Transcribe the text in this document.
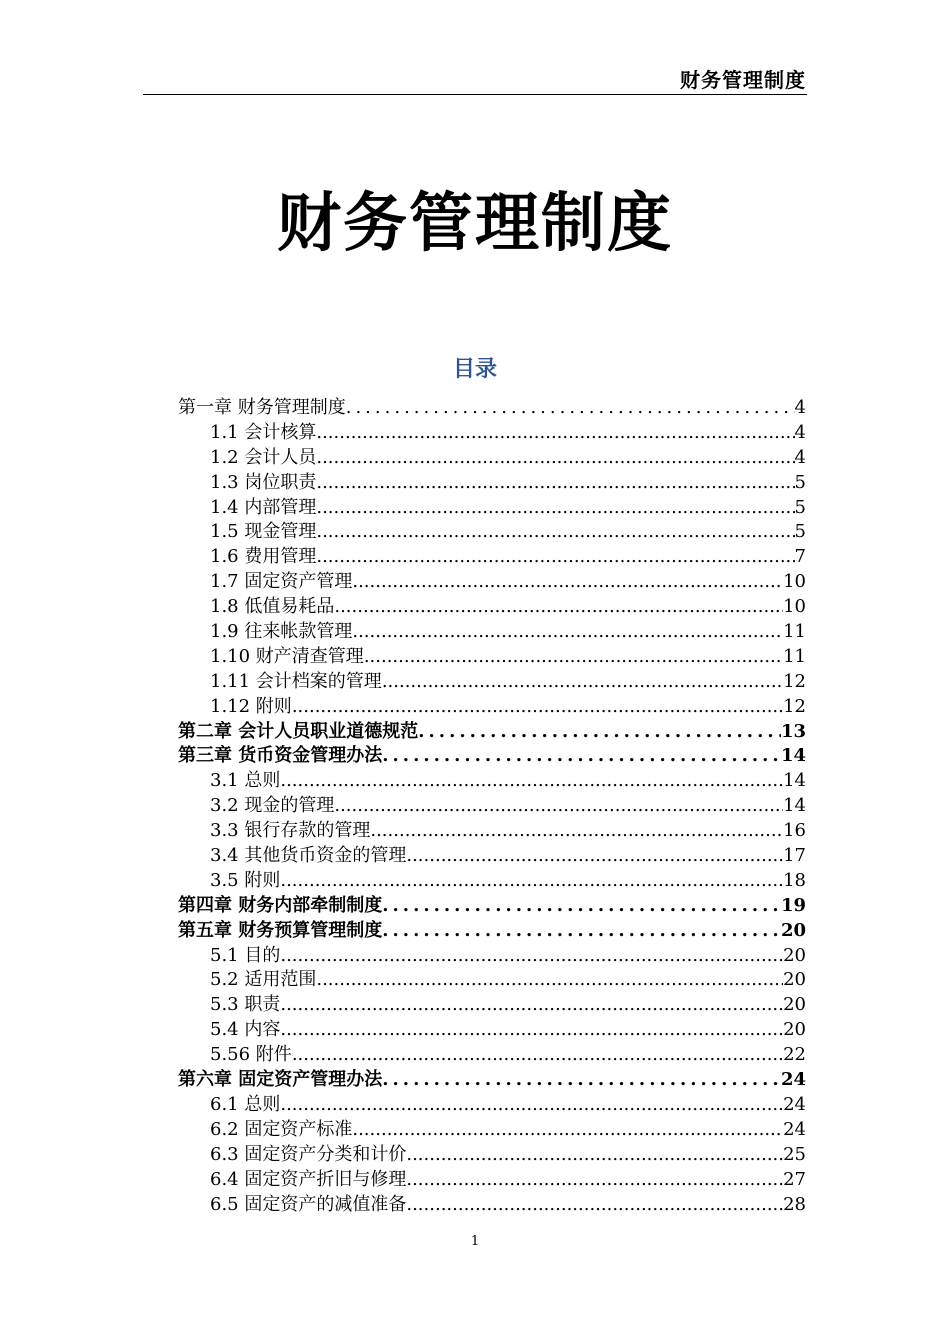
财务管理制度
财务管理制度
目录
第一章 财务管理制度 .....	4
1.1 会计核算 .....	4
1.2 会计人员 .....	4
1.3 岗位职责 .....	5
1.4 内部管理 .....	5
1.5 现金管理 .....	5
1.6 费用管理 .....	7
1.7 固定资产管理 .....	10
1.8 低值易耗品 .....	10
1.9 往来帐款管理 .....	11
1.10 财产清查管理 .....	11
1.11 会计档案的管理 .....	12
1.12 附则 .....	12
第二章 会计人员职业道德规范 .....	13
第三章 货币资金管理办法 .....	14
3.1 总则 .....	14
3.2 现金的管理 .....	14
3.3 银行存款的管理 .....	16
3.4 其他货币资金的管理 .....	17
3.5 附则 .....	18
第四章 财务内部牵制制度 .....	19
第五章 财务预算管理制度 .....	20
5.1 目的 .....	20
5.2 适用范围 .....	20
5.3 职责 .....	20
5.4 内容 .....	20
5.56 附件 .....	22
第六章 固定资产管理办法 .....	24
6.1 总则 .....	24
6.2 固定资产标准 .....	24
6.3 固定资产分类和计价 .....	25
6.4 固定资产折旧与修理 .....	27
6.5 固定资产的减值准备 .....	28
1
